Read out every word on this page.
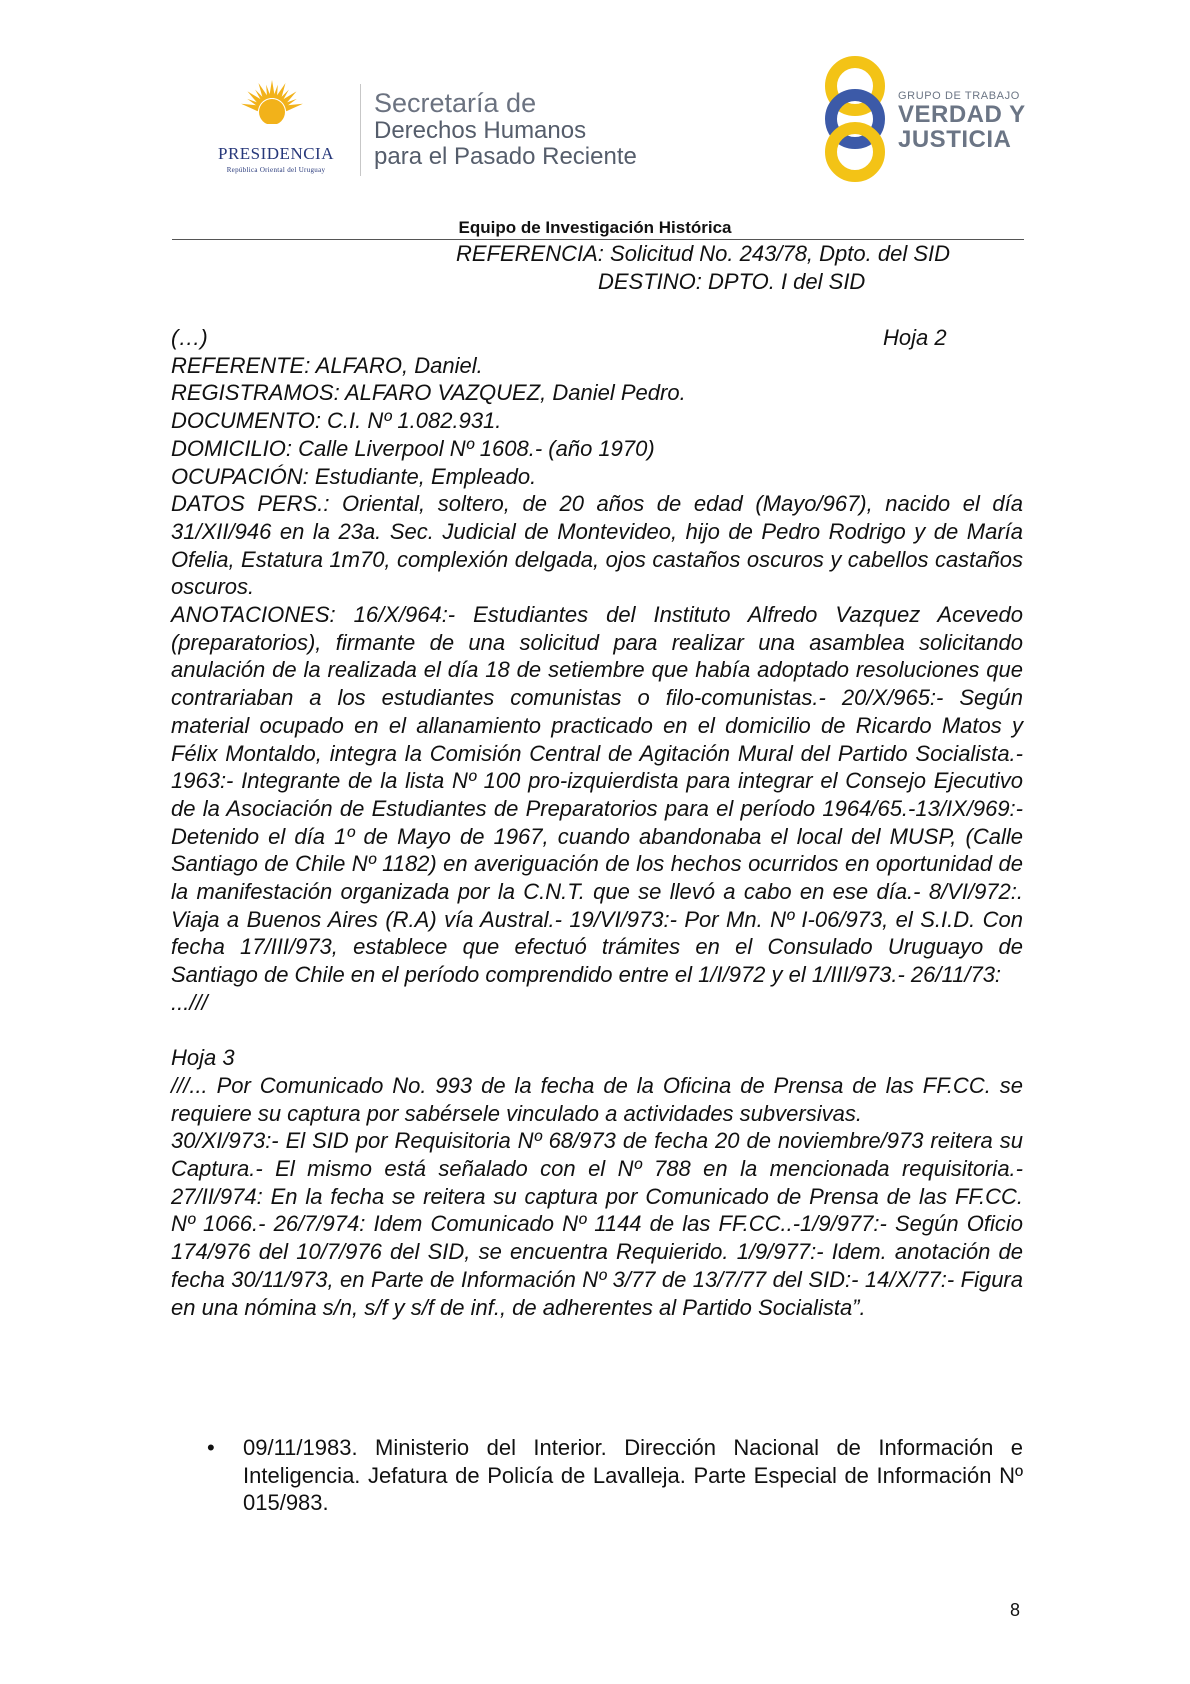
PRESIDENCIA
República Oriental del Uruguay
Secretaría de
Derechos Humanos
para el Pasado Reciente
GRUPO DE TRABAJO
VERDAD Y
JUSTICIA
Equipo de Investigación Histórica
REFERENCIA: Solicitud No. 243/78, Dpto. del SID
DESTINO: DPTO. I del SID
(…)	Hoja 2

REFERENTE: ALFARO, Daniel.

REGISTRAMOS: ALFARO VAZQUEZ, Daniel Pedro.

DOCUMENTO: C.I. Nº 1.082.931.

DOMICILIO: Calle Liverpool Nº 1608.- (año 1970)

OCUPACIÓN: Estudiante, Empleado.

DATOS PERS.: Oriental, soltero, de 20 años de edad (Mayo/967), nacido el día 31/XII/946 en la 23a. Sec. Judicial de Montevideo, hijo de Pedro Rodrigo y de María Ofelia, Estatura 1m70, complexión delgada, ojos castaños oscuros y cabellos castaños oscuros.

ANOTACIONES: 16/X/964:- Estudiantes del Instituto Alfredo Vazquez Acevedo (preparatorios), firmante de una solicitud para realizar una asamblea solicitando anulación de la realizada el día 18 de setiembre que había adoptado resoluciones que contrariaban a los estudiantes comunistas o filo-comunistas.- 20/X/965:- Según material ocupado en el allanamiento practicado en el domicilio de Ricardo Matos y Félix Montaldo, integra la Comisión Central de Agitación Mural del Partido Socialista.- 1963:- Integrante de la lista Nº 100 pro-izquierdista para integrar el Consejo Ejecutivo de la Asociación de Estudiantes de Preparatorios para el período 1964/65.-13/IX/969:- Detenido el día 1º de Mayo de 1967, cuando abandonaba el local del MUSP, (Calle Santiago de Chile Nº 1182) en averiguación de los hechos ocurridos en oportunidad de la manifestación organizada por la C.N.T. que se llevó a cabo en ese día.- 8/VI/972:. Viaja a Buenos Aires (R.A) vía Austral.- 19/VI/973:- Por Mn. Nº I-06/973, el S.I.D. Con fecha 17/III/973, establece que efectuó trámites en el Consulado Uruguayo de Santiago de Chile en el período comprendido entre el 1/I/972 y el 1/III/973.- 26/11/73:

...///

Hoja 3

///... Por Comunicado No. 993 de la fecha de la Oficina de Prensa de las FF.CC. se requiere su captura por sabérsele vinculado a actividades subversivas.

30/XI/973:- El SID por Requisitoria Nº 68/973 de fecha 20 de noviembre/973 reitera su Captura.- El mismo está señalado con el Nº 788 en la mencionada requisitoria.- 27/II/974: En la fecha se reitera su captura por Comunicado de Prensa de las FF.CC. Nº 1066.- 26/7/974: Idem Comunicado Nº 1144 de las FF.CC..-1/9/977:- Según Oficio 174/976 del 10/7/976 del SID, se encuentra Requierido. 1/9/977:- Idem. anotación de fecha 30/11/973, en Parte de Información Nº 3/77 de 13/7/77 del SID:- 14/X/77:- Figura en una nómina s/n, s/f y s/f de inf., de adherentes al Partido Socialista”.

• 09/11/1983. Ministerio del Interior. Dirección Nacional de Información e Inteligencia. Jefatura de Policía de Lavalleja. Parte Especial de Información Nº 015/983.
8
